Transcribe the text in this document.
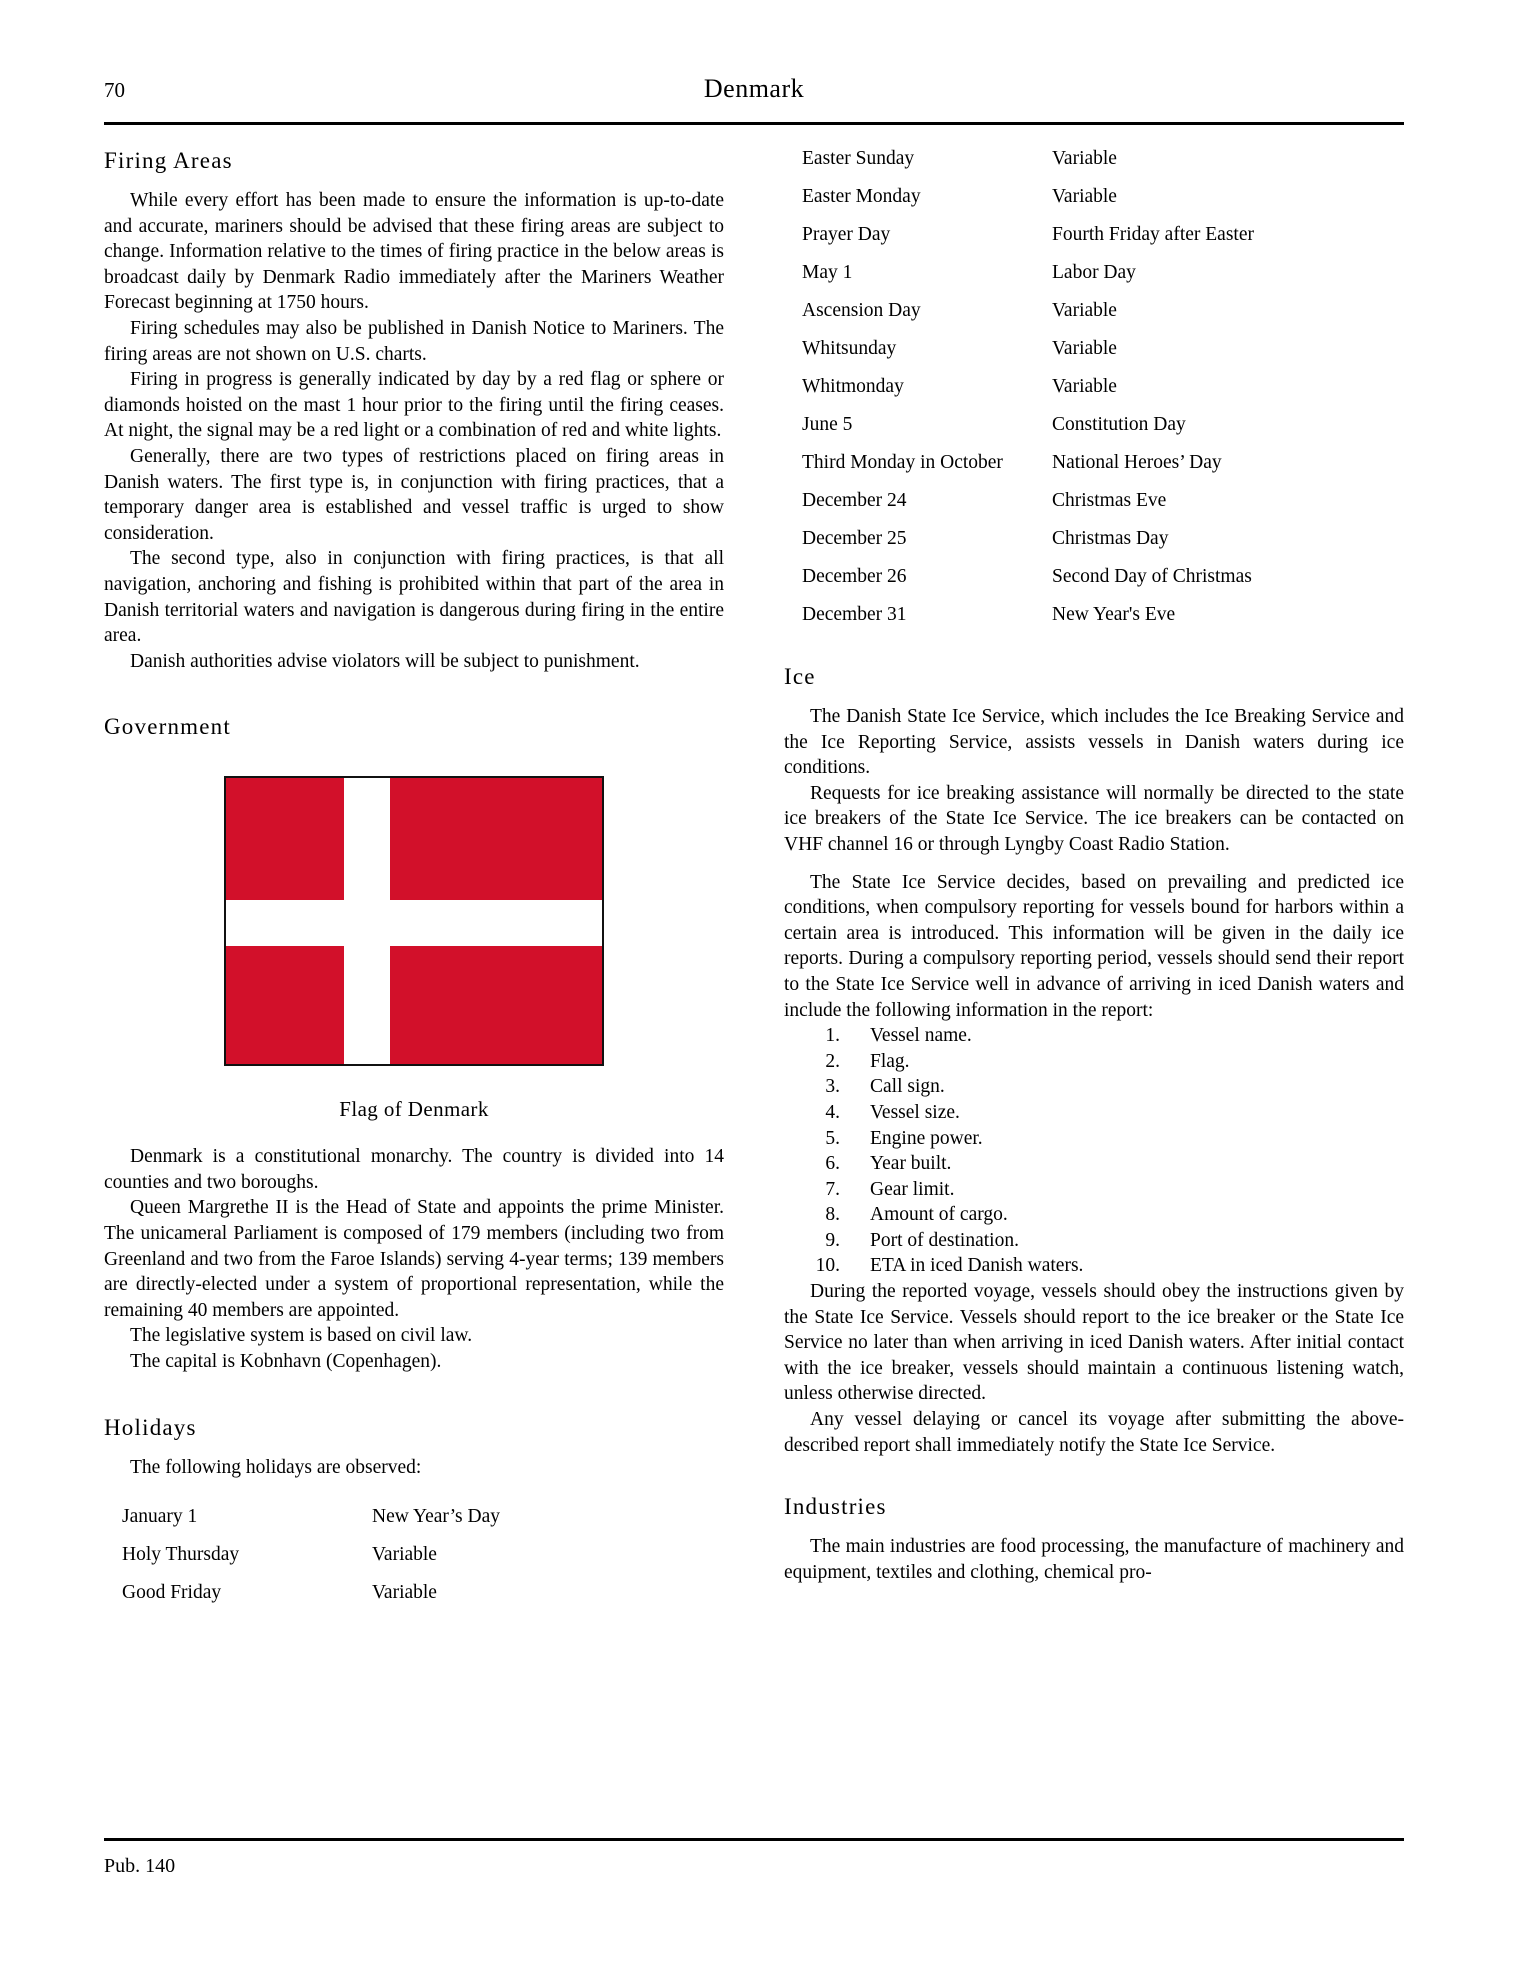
70	Denmark
Firing Areas

While every effort has been made to ensure the information is up-to-date and accurate, mariners should be advised that these firing areas are subject to change. Information relative to the times of firing practice in the below areas is broadcast daily by Denmark Radio immediately after the Mariners Weather Forecast beginning at 1750 hours.

Firing schedules may also be published in Danish Notice to Mariners. The firing areas are not shown on U.S. charts.

Firing in progress is generally indicated by day by a red flag or sphere or diamonds hoisted on the mast 1 hour prior to the firing until the firing ceases. At night, the signal may be a red light or a combination of red and white lights.

Generally, there are two types of restrictions placed on firing areas in Danish waters. The first type is, in conjunction with firing practices, that a temporary danger area is established and vessel traffic is urged to show consideration.

The second type, also in conjunction with firing practices, is that all navigation, anchoring and fishing is prohibited within that part of the area in Danish territorial waters and navigation is dangerous during firing in the entire area.

Danish authorities advise violators will be subject to punishment.

Government
Flag of Denmark

Denmark is a constitutional monarchy. The country is divided into 14 counties and two boroughs.

Queen Margrethe II is the Head of State and appoints the prime Minister. The unicameral Parliament is composed of 179 members (including two from Greenland and two from the Faroe Islands) serving 4-year terms; 139 members are directly-elected under a system of proportional representation, while the remaining 40 members are appointed.

The legislative system is based on civil law.

The capital is Kobnhavn (Copenhagen).

Holidays

The following holidays are observed:

January 1	New Year’s Day
Holy Thursday	Variable
Good Friday	Variable
Easter Sunday	Variable
Easter Monday	Variable
Prayer Day	Fourth Friday after Easter
May 1	Labor Day
Ascension Day	Variable
Whitsunday	Variable
Whitmonday	Variable
June 5	Constitution Day
Third Monday in October	National Heroes’ Day
December 24	Christmas Eve
December 25	Christmas Day
December 26	Second Day of Christmas
December 31	New Year's Eve
Ice

The Danish State Ice Service, which includes the Ice Breaking Service and the Ice Reporting Service, assists vessels in Danish waters during ice conditions.

Requests for ice breaking assistance will normally be directed to the state ice breakers of the State Ice Service. The ice breakers can be contacted on VHF channel 16 or through Lyngby Coast Radio Station.

The State Ice Service decides, based on prevailing and predicted ice conditions, when compulsory reporting for vessels bound for harbors within a certain area is introduced. This information will be given in the daily ice reports. During a compulsory reporting period, vessels should send their report to the State Ice Service well in advance of arriving in iced Danish waters and include the following information in the report:

1. Vessel name.
2. Flag.
3. Call sign.
4. Vessel size.
5. Engine power.
6. Year built.
7. Gear limit.
8. Amount of cargo.
9. Port of destination.
10. ETA in iced Danish waters.

During the reported voyage, vessels should obey the instructions given by the State Ice Service. Vessels should report to the ice breaker or the State Ice Service no later than when arriving in iced Danish waters. After initial contact with the ice breaker, vessels should maintain a continuous listening watch, unless otherwise directed.

Any vessel delaying or cancel its voyage after submitting the above-described report shall immediately notify the State Ice Service.

Industries

The main industries are food processing, the manufacture of machinery and equipment, textiles and clothing, chemical pro-

Pub. 140
